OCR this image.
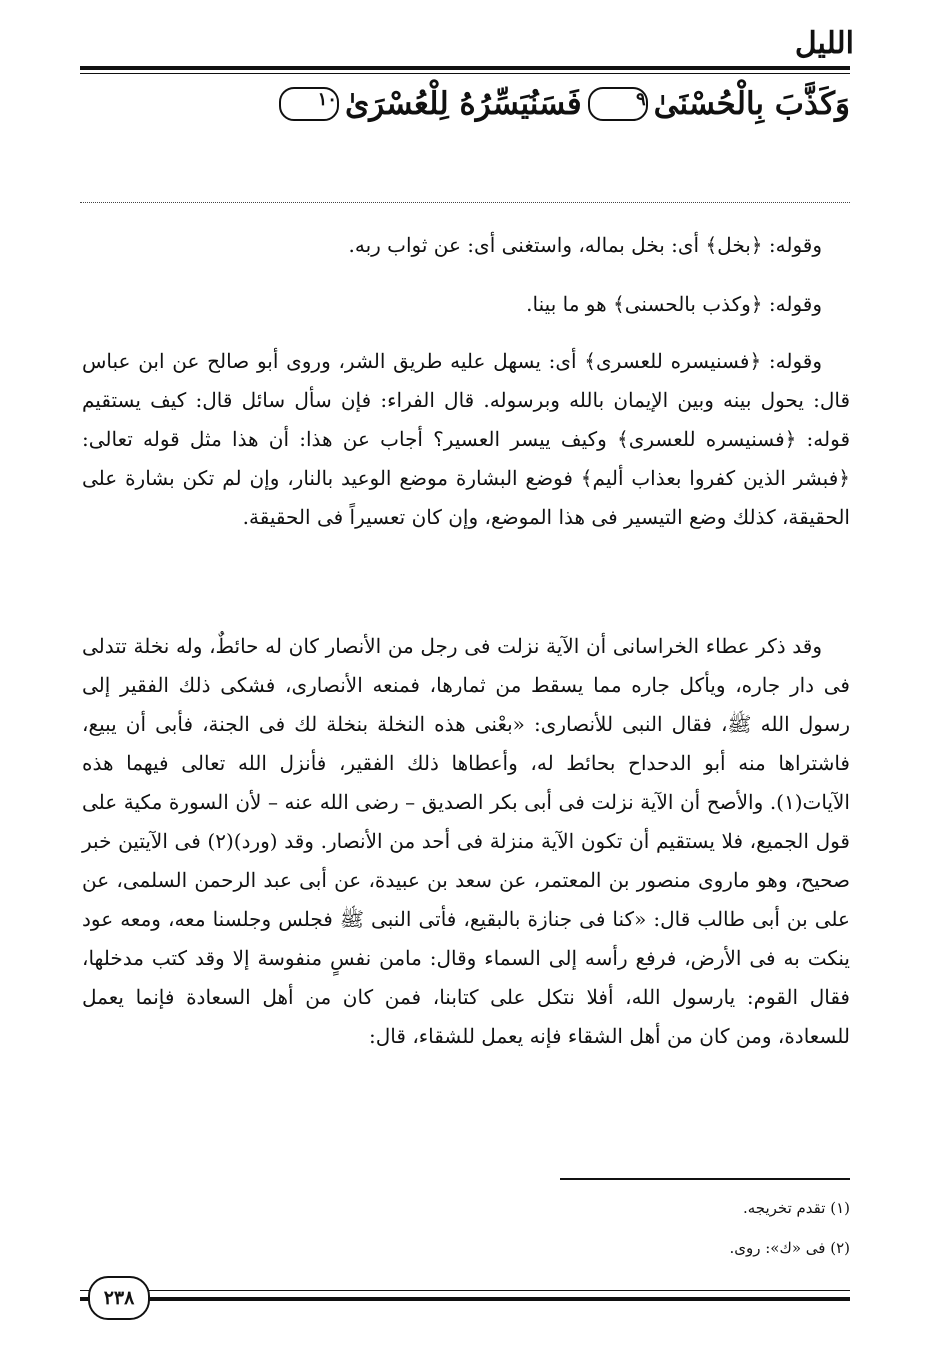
الليل
وَكَذَّبَ بِالْحُسْنَىٰ
٩
فَسَنُيَسِّرُهُ لِلْعُسْرَىٰ
١٠

وقوله: ﴿بخل﴾ أى: بخل بماله، واستغنى أى: عن ثواب ربه.

وقوله: ﴿وكذب بالحسنى﴾ هو ما بينا.

وقوله: ﴿فسنيسره للعسرى﴾ أى: يسهل عليه طريق الشر، وروى أبو صالح عن ابن عباس قال: يحول بينه وبين الإيمان بالله وبرسوله. قال الفراء: فإن سأل سائل قال: كيف يستقيم قوله: ﴿فسنيسره للعسرى﴾ وكيف ييسر العسير؟ أجاب عن هذا: أن هذا مثل قوله تعالى: ﴿فبشر الذين كفروا بعذاب أليم﴾ فوضع البشارة موضع الوعيد بالنار، وإن لم تكن بشارة على الحقيقة، كذلك وضع التيسير فى هذا الموضع، وإن كان تعسيراً فى الحقيقة.

وقد ذكر عطاء الخراسانى أن الآية نزلت فى رجل من الأنصار كان له حائطٌ، وله نخلة تتدلى فى دار جاره، ويأكل جاره مما يسقط من ثمارها، فمنعه الأنصارى، فشكى ذلك الفقير إلى رسول الله ﷺ، فقال النبى للأنصارى: «بعْنى هذه النخلة بنخلة لك فى الجنة، فأبى أن يبيع، فاشتراها منه أبو الدحداح بحائط له، وأعطاها ذلك الفقير، فأنزل الله تعالى فيهما هذه الآيات(١). والأصح أن الآية نزلت فى أبى بكر الصديق – رضى الله عنه – لأن السورة مكية على قول الجميع، فلا يستقيم أن تكون الآية منزلة فى أحد من الأنصار. وقد (ورد)(٢) فى الآيتين خبر صحيح، وهو ماروى منصور بن المعتمر، عن سعد بن عبيدة، عن أبى عبد الرحمن السلمى، عن على بن أبى طالب قال: «كنا فى جنازة بالبقيع، فأتى النبى ﷺ فجلس وجلسنا معه، ومعه عود ينكت به فى الأرض، فرفع رأسه إلى السماء وقال: مامن نفسٍ منفوسة إلا وقد كتب مدخلها، فقال القوم: يارسول الله، أفلا نتكل على كتابنا، فمن كان من أهل السعادة فإنما يعمل للسعادة، ومن كان من أهل الشقاء فإنه يعمل للشقاء، قال:

(١) تقدم تخريجه.

(٢) فى «ك»: روى.

٢٣٨
